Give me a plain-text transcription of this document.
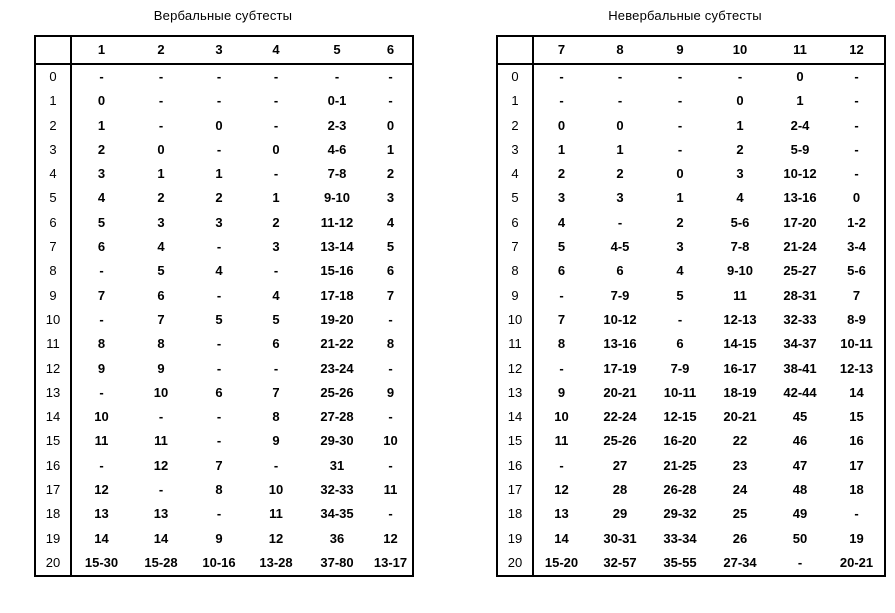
Вербальные субтесты
	1	2	3	4	5	6
0	-	-	-	-	-	-
1	0	-	-	-	0-1	-
2	1	-	0	-	2-3	0
3	2	0	-	0	4-6	1
4	3	1	1	-	7-8	2
5	4	2	2	1	9-10	3
6	5	3	3	2	11-12	4
7	6	4	-	3	13-14	5
8	-	5	4	-	15-16	6
9	7	6	-	4	17-18	7
10	-	7	5	5	19-20	-
11	8	8	-	6	21-22	8
12	9	9	-	-	23-24	-
13	-	10	6	7	25-26	9
14	10	-	-	8	27-28	-
15	11	11	-	9	29-30	10
16	-	12	7	-	31	-
17	12	-	8	10	32-33	11
18	13	13	-	11	34-35	-
19	14	14	9	12	36	12
20	15-30	15-28	10-16	13-28	37-80	13-17
Невербальные субтесты
	7	8	9	10	11	12
0	-	-	-	-	0	-
1	-	-	-	0	1	-
2	0	0	-	1	2-4	-
3	1	1	-	2	5-9	-
4	2	2	0	3	10-12	-
5	3	3	1	4	13-16	0
6	4	-	2	5-6	17-20	1-2
7	5	4-5	3	7-8	21-24	3-4
8	6	6	4	9-10	25-27	5-6
9	-	7-9	5	11	28-31	7
10	7	10-12	-	12-13	32-33	8-9
11	8	13-16	6	14-15	34-37	10-11
12	-	17-19	7-9	16-17	38-41	12-13
13	9	20-21	10-11	18-19	42-44	14
14	10	22-24	12-15	20-21	45	15
15	11	25-26	16-20	22	46	16
16	-	27	21-25	23	47	17
17	12	28	26-28	24	48	18
18	13	29	29-32	25	49	-
19	14	30-31	33-34	26	50	19
20	15-20	32-57	35-55	27-34	-	20-21
